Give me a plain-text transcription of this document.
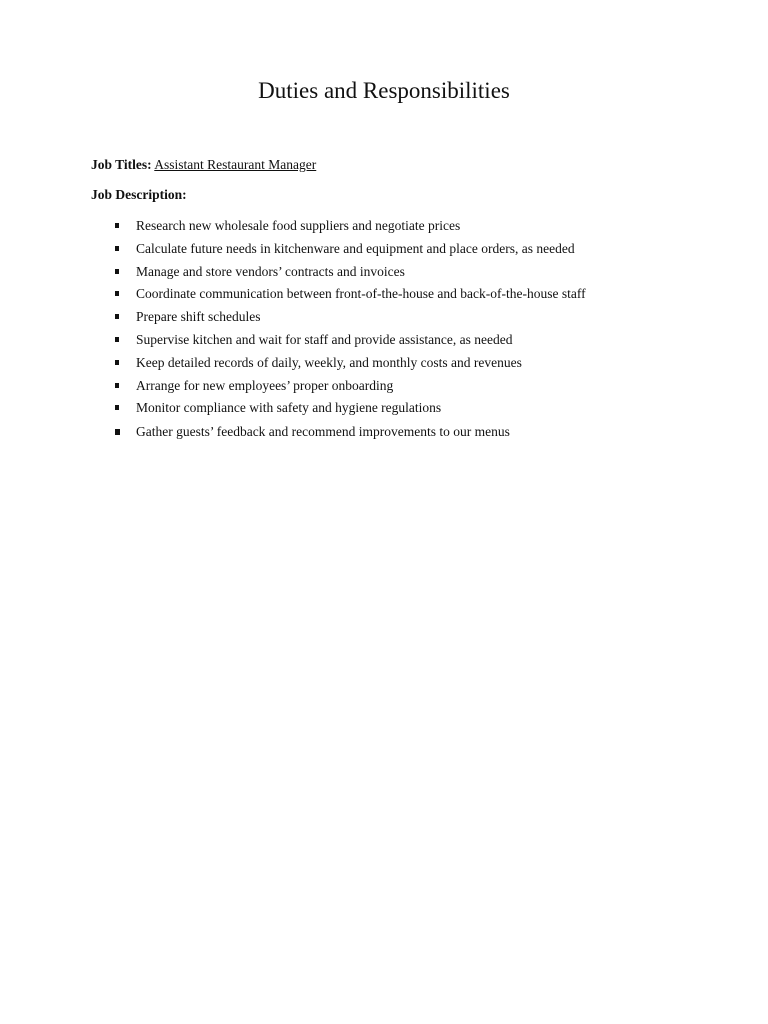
Duties and Responsibilities
Job Titles: Assistant Restaurant Manager
Job Description:
Research new wholesale food suppliers and negotiate prices
Calculate future needs in kitchenware and equipment and place orders, as needed
Manage and store vendors’ contracts and invoices
Coordinate communication between front-of-the-house and back-of-the-house staff
Prepare shift schedules
Supervise kitchen and wait for staff and provide assistance, as needed
Keep detailed records of daily, weekly, and monthly costs and revenues
Arrange for new employees’ proper onboarding
Monitor compliance with safety and hygiene regulations
Gather guests’ feedback and recommend improvements to our menus
